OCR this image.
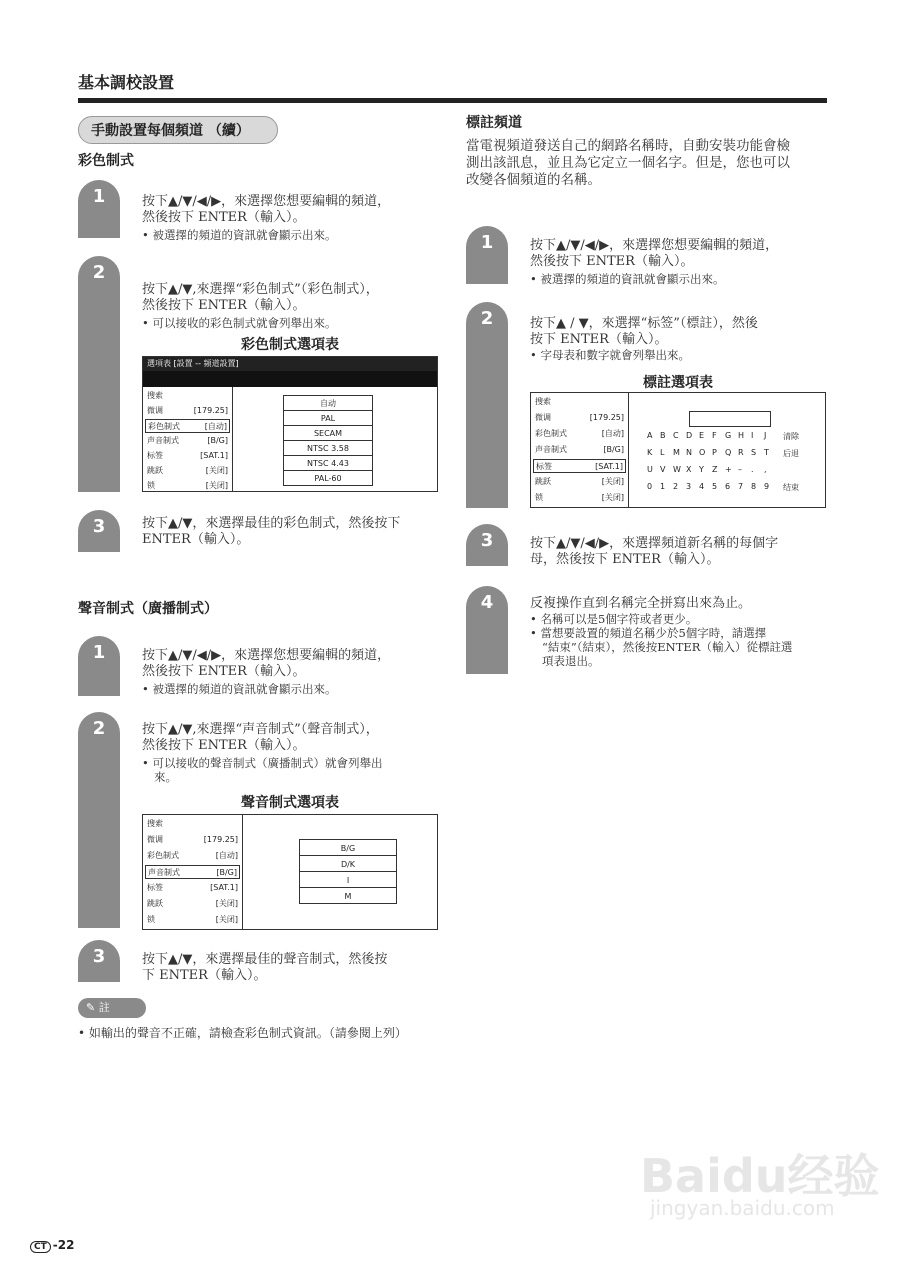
基本調校設置
手動設置每個頻道 （續）
彩色制式
1	按下▲/▼/◀/▶，來選擇您想要編輯的頻道，
然後按下 ENTER（輸入）。
• 被選擇的頻道的資訊就會顯示出來。
2
按下▲/▼,來選擇“彩色制式”（彩色制式），
然後按下 ENTER（輸入）。
• 可以接收的彩色制式就會列舉出來。
彩色制式選項表
選項表 [設置 -- 頻道設置]
搜索
微调	[179.25]
彩色制式	[自动]
声音制式	[B/G]
标签	[SAT.1]
跳跃	[关闭]
锁	[关闭]
自动
PAL
SECAM
NTSC 3.58
NTSC 4.43
PAL-60
3	按下▲/▼，來選擇最佳的彩色制式，然後按下
ENTER（輸入）。
聲音制式（廣播制式）
1	按下▲/▼/◀/▶，來選擇您想要編輯的頻道，
然後按下 ENTER（輸入）。
• 被選擇的頻道的資訊就會顯示出來。
2	按下▲/▼,來選擇“声音制式”（聲音制式），
然後按下 ENTER（輸入）。
• 可以接收的聲音制式（廣播制式）就會列舉出
來。
聲音制式選項表
搜索
微调	[179.25]
彩色制式	[自动]
声音制式	[B/G]
标签	[SAT.1]
跳跃	[关闭]
锁	[关闭]
B/G
D/K
I
M
3	按下▲/▼，來選擇最佳的聲音制式，然後按
下 ENTER（輸入）。
✎ 註
• 如輸出的聲音不正確，請檢查彩色制式資訊。（請參閱上列）
標註頻道
當電視頻道發送自己的網路名稱時，自動安裝功能會檢
測出該訊息，並且為它定立一個名字。但是，您也可以
改變各個頻道的名稱。
1	按下▲/▼/◀/▶，來選擇您想要編輯的頻道，
然後按下 ENTER（輸入）。
• 被選擇的頻道的資訊就會顯示出來。
2	按下▲ / ▼，來選擇“标签”（標註），然後
按下 ENTER（輸入）。
• 字母表和數字就會列舉出來。
標註選項表
搜索
微调	[179.25]
彩色制式	[自动]
声音制式	[B/G]
标签	[SAT.1]
跳跃	[关闭]
锁	[关闭]
A B C D E F G H I J 清除
K L M N O P Q R S T 后退
U V W X Y Z + – . ,
0 1 2 3 4 5 6 7 8 9 结束
3	按下▲/▼/◀/▶，來選擇頻道新名稱的每個字
母，然後按下 ENTER（輸入）。
4	反複操作直到名稱完全拼寫出來為止。
• 名稱可以是5個字符或者更少。
• 當想要設置的頻道名稱少於5個字時，請選擇
“結束”（結束），然後按ENTER（輸入）從標註選
項表退出。
Baidu经验
jingyan.baidu.com
CT -22
